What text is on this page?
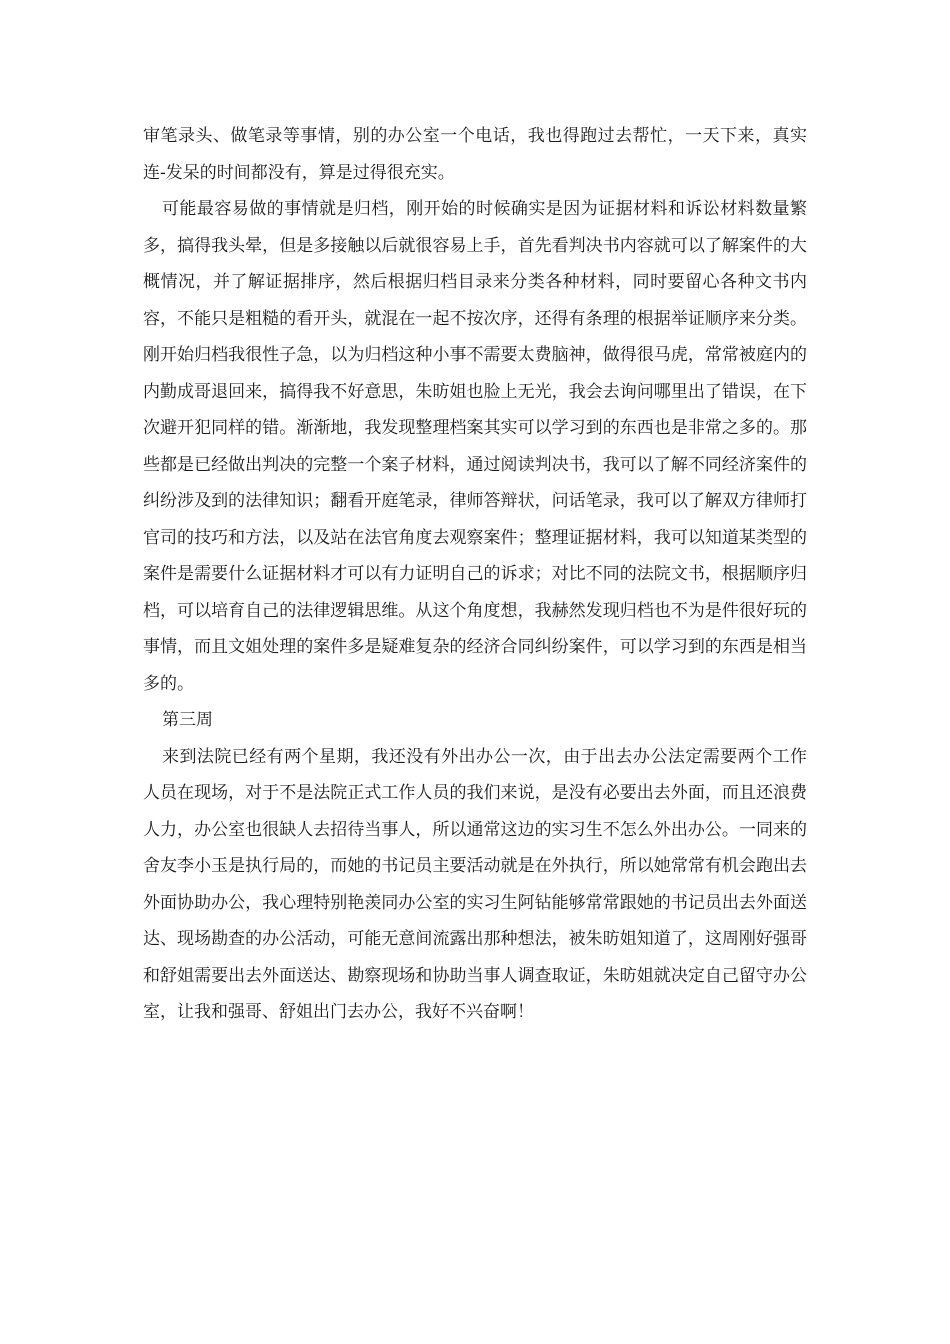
审笔录头、做笔录等事情，别的办公室一个电话，我也得跑过去帮忙，一天下来，真实连-发呆的时间都没有，算是过得很充实。

可能最容易做的事情就是归档，刚开始的时候确实是因为证据材料和诉讼材料数量繁多，搞得我头晕，但是多接触以后就很容易上手，首先看判决书内容就可以了解案件的大概情况，并了解证据排序，然后根据归档目录来分类各种材料，同时要留心各种文书内容，不能只是粗糙的看开头，就混在一起不按次序，还得有条理的根据举证顺序来分类。刚开始归档我很性子急，以为归档这种小事不需要太费脑神，做得很马虎，常常被庭内的内勤成哥退回来，搞得我不好意思，朱昉姐也脸上无光，我会去询问哪里出了错误，在下次避开犯同样的错。渐渐地，我发现整理档案其实可以学习到的东西也是非常之多的。那些都是已经做出判决的完整一个案子材料，通过阅读判决书，我可以了解不同经济案件的纠纷涉及到的法律知识；翻看开庭笔录，律师答辩状，问话笔录，我可以了解双方律师打官司的技巧和方法，以及站在法官角度去观察案件；整理证据材料，我可以知道某类型的案件是需要什么证据材料才可以有力证明自己的诉求；对比不同的法院文书，根据顺序归档，可以培育自己的法律逻辑思维。从这个角度想，我赫然发现归档也不为是件很好玩的事情，而且文姐处理的案件多是疑难复杂的经济合同纠纷案件，可以学习到的东西是相当多的。

第三周

来到法院已经有两个星期，我还没有外出办公一次，由于出去办公法定需要两个工作人员在现场，对于不是法院正式工作人员的我们来说，是没有必要出去外面，而且还浪费人力，办公室也很缺人去招待当事人，所以通常这边的实习生不怎么外出办公。一同来的舍友李小玉是执行局的，而她的书记员主要活动就是在外执行，所以她常常有机会跑出去外面协助办公，我心理特别艳羡同办公室的实习生阿钻能够常常跟她的书记员出去外面送达、现场勘查的办公活动，可能无意间流露出那种想法，被朱昉姐知道了，这周刚好强哥和舒姐需要出去外面送达、勘察现场和协助当事人调查取证，朱昉姐就决定自己留守办公室，让我和强哥、舒姐出门去办公，我好不兴奋啊！
